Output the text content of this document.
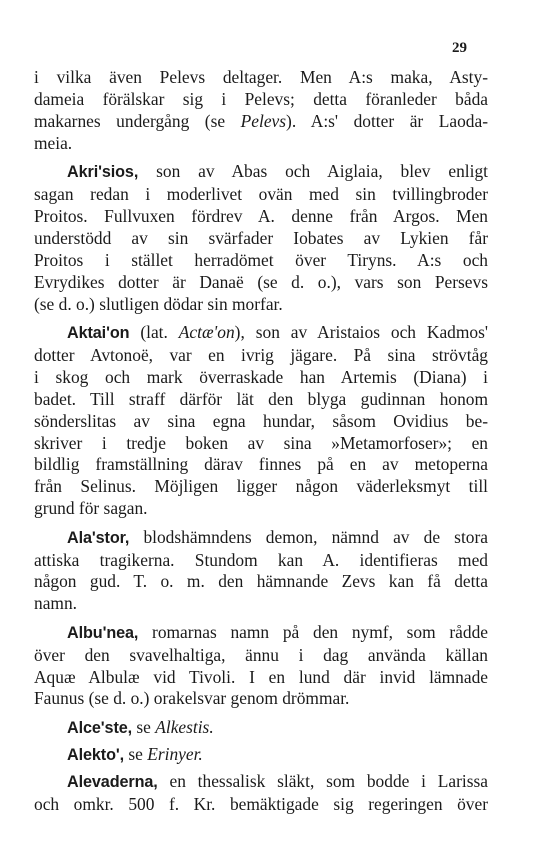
29
i vilka även Pelevs deltager. Men A:s maka, Asty-
dameia förälskar sig i Pelevs; detta föranleder båda
makarnes undergång (se Pelevs). A:s' dotter är Laoda-
meia.
Akri'sios, son av Abas och Aiglaia, blev enligt
sagan redan i moderlivet ovän med sin tvillingbroder
Proitos. Fullvuxen fördrev A. denne från Argos. Men
understödd av sin svärfader Iobates av Lykien får
Proitos i stället herradömet över Tiryns. A:s och
Evrydikes dotter är Danaë (se d. o.), vars son Persevs
(se d. o.) slutligen dödar sin morfar.
Aktai'on (lat. Actæ'on), son av Aristaios och Kadmos'
dotter Avtonoë, var en ivrig jägare. På sina strövtåg
i skog och mark överraskade han Artemis (Diana) i
badet. Till straff därför lät den blyga gudinnan honom
sönderslitas av sina egna hundar, såsom Ovidius be-
skriver i tredje boken av sina »Metamorfoser»; en
bildlig framställning därav finnes på en av metoperna
från Selinus. Möjligen ligger någon väderleksmyt till
grund för sagan.
Ala'stor, blodshämndens demon, nämnd av de stora
attiska tragikerna. Stundom kan A. identifieras med
någon gud. T. o. m. den hämnande Zevs kan få detta
namn.
Albu'nea, romarnas namn på den nymf, som rådde
över den svavelhaltiga, ännu i dag använda källan
Aquæ Albulæ vid Tivoli. I en lund där invid lämnade
Faunus (se d. o.) orakelsvar genom drömmar.
Alce'ste, se Alkestis.
Alekto', se Erinyer.
Alevaderna, en thessalisk släkt, som bodde i Larissa
och omkr. 500 f. Kr. bemäktigade sig regeringen över
